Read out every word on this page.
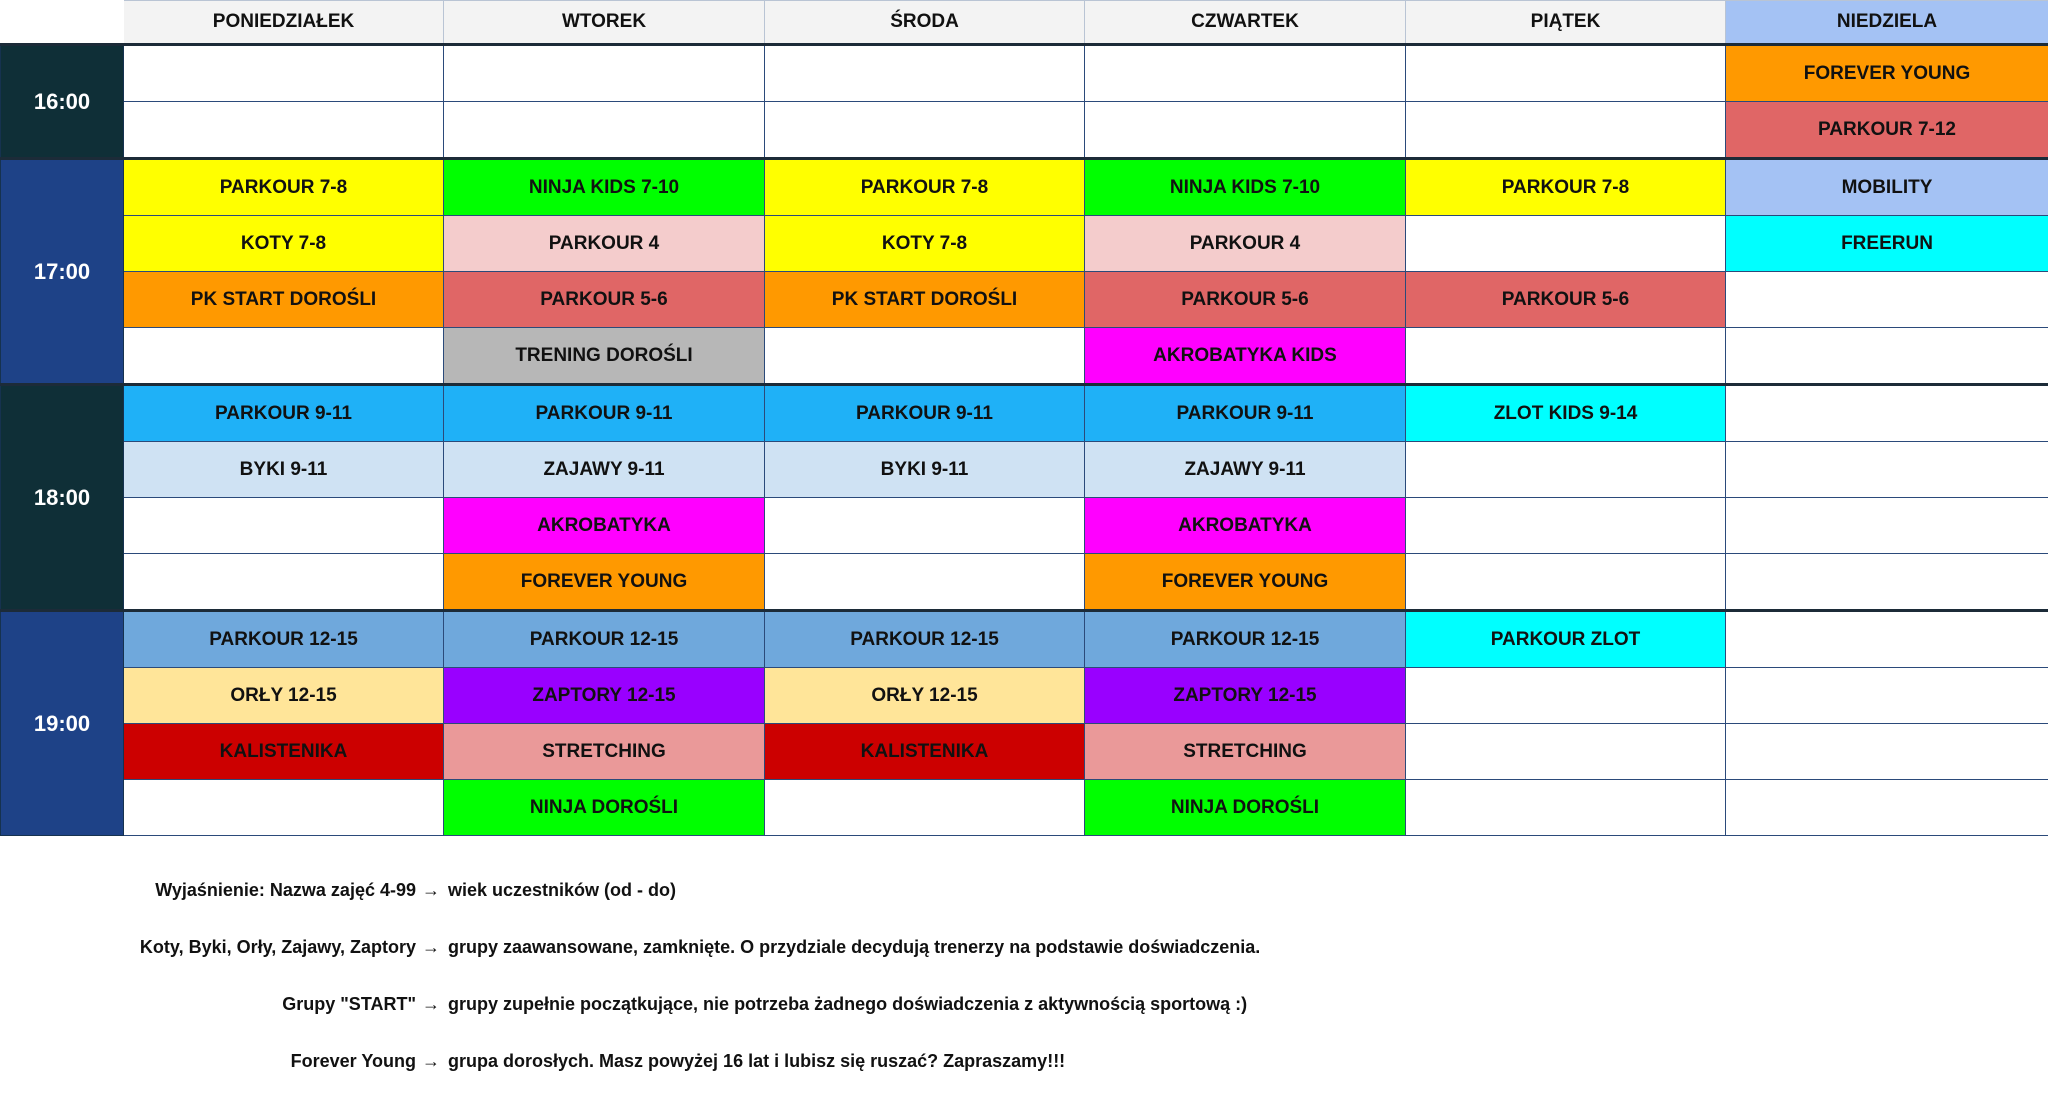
	PONIEDZIAŁEK	WTOREK	ŚRODA	CZWARTEK	PIĄTEK	NIEDZIELA
16:00						FOREVER YOUNG
						PARKOUR 7-12
17:00	PARKOUR 7-8	NINJA KIDS 7-10	PARKOUR 7-8	NINJA KIDS 7-10	PARKOUR 7-8	MOBILITY
	KOTY 7-8	PARKOUR 4	KOTY 7-8	PARKOUR 4		FREERUN
	PK START DOROŚLI	PARKOUR 5-6	PK START DOROŚLI	PARKOUR 5-6	PARKOUR 5-6	
		TRENING DOROŚLI		AKROBATYKA KIDS		
18:00	PARKOUR 9-11	PARKOUR 9-11	PARKOUR 9-11	PARKOUR 9-11	ZLOT KIDS 9-14	
	BYKI 9-11	ZAJAWY 9-11	BYKI 9-11	ZAJAWY 9-11		
		AKROBATYKA		AKROBATYKA		
		FOREVER YOUNG		FOREVER YOUNG		
19:00	PARKOUR 12-15	PARKOUR 12-15	PARKOUR 12-15	PARKOUR 12-15	PARKOUR ZLOT	
	ORŁY 12-15	ZAPTORY 12-15	ORŁY 12-15	ZAPTORY 12-15		
	KALISTENIKA	STRETCHING	KALISTENIKA	STRETCHING		
		NINJA DOROŚLI		NINJA DOROŚLI		
Wyjaśnienie: Nazwa zajęć 4-99 → wiek uczestników (od - do)
Koty, Byki, Orły, Zajawy, Zaptory → grupy zaawansowane, zamknięte. O przydziale decydują trenerzy na podstawie doświadczenia.
Grupy "START" → grupy zupełnie początkujące, nie potrzeba żadnego doświadczenia z aktywnością sportową :)
Forever Young → grupa dorosłych. Masz powyżej 16 lat i lubisz się ruszać? Zapraszamy!!!
